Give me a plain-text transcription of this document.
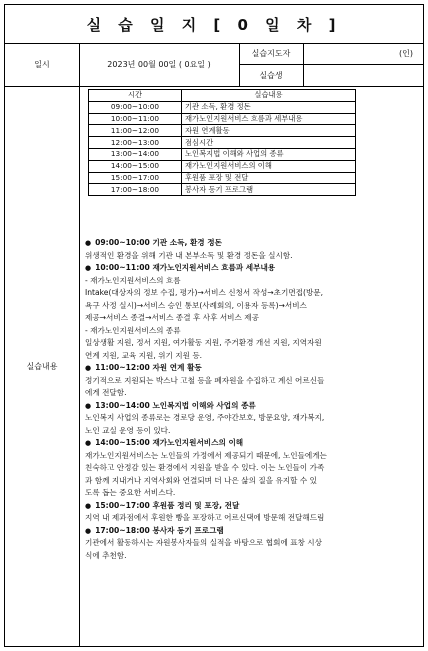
실 습 일 지 [ 0 일 차 ]
일시	2023년 00월 00일 ( 0요일 )
실습지도자	(인)
실습생
실습내용
시간	실습내용
09:00~10:00	기관 소독, 환경 정돈
10:00~11:00	재가노인지원서비스 흐름과 세부내용
11:00~12:00	자원 연계활동
12:00~13:00	점심시간
13:00~14:00	노인복지법 이해와 사업의 종류
14:00~15:00	재가노인지원서비스의 이해
15:00~17:00	후원품 포장 및 전달
17:00~18:00	봉사자 동기 프로그램

● 09:00~10:00 기관 소독, 환경 정돈

위생적인 환경을 위해 기관 내 본부소독 및 환경 정돈을 실시함.

● 10:00~11:00 재가노인지원서비스 흐름과 세부내용

- 재가노인지원서비스의 흐름

Intake(대상자의 정보 수집, 평가)→서비스 신청서 작성→초기면접(방문,

욕구 사정 실시)→서비스 승인 통보(사례회의, 이용자 등록)→서비스

제공→서비스 종결→서비스 종결 후 사후 서비스 제공

- 재가노인지원서비스의 종류

일상생활 지원, 정서 지원, 여가활동 지원, 주거환경 개선 지원, 지역자원

연계 지원, 교육 지원, 위기 지원 등.

● 11:00~12:00 자원 연계 활동

정기적으로 지원되는 박스나 고철 등을 폐자원을 수집하고 계신 어르신들

에게 전달함.

● 13:00~14:00 노인복지법 이해와 사업의 종류

노인복지 사업의 종류로는 경로당 운영, 주야간보호, 방문요양, 재가복지,

노인 교실 운영 등이 있다.

● 14:00~15:00 재가노인지원서비스의 이해

재가노인지원서비스는 노인들의 가정에서 제공되기 때문에, 노인들에게는

친숙하고 안정감 있는 환경에서 지원을 받을 수 있다. 이는 노인들이 가족

과 함께 지내거나 지역사회와 연결되며 더 나은 삶의 질을 유지할 수 있

도록 돕는 중요한 서비스다.

● 15:00~17:00 후원품 정리 및 포장, 전달

지역 내 제과점에서 후원한 빵을 포장하고 어르신댁에 방문해 전달해드림

● 17:00~18:00 봉사자 동기 프로그램

기관에서 활동하시는 자원봉사자들의 실적을 바탕으로 협회에 표창 시상

식에 추천함.
